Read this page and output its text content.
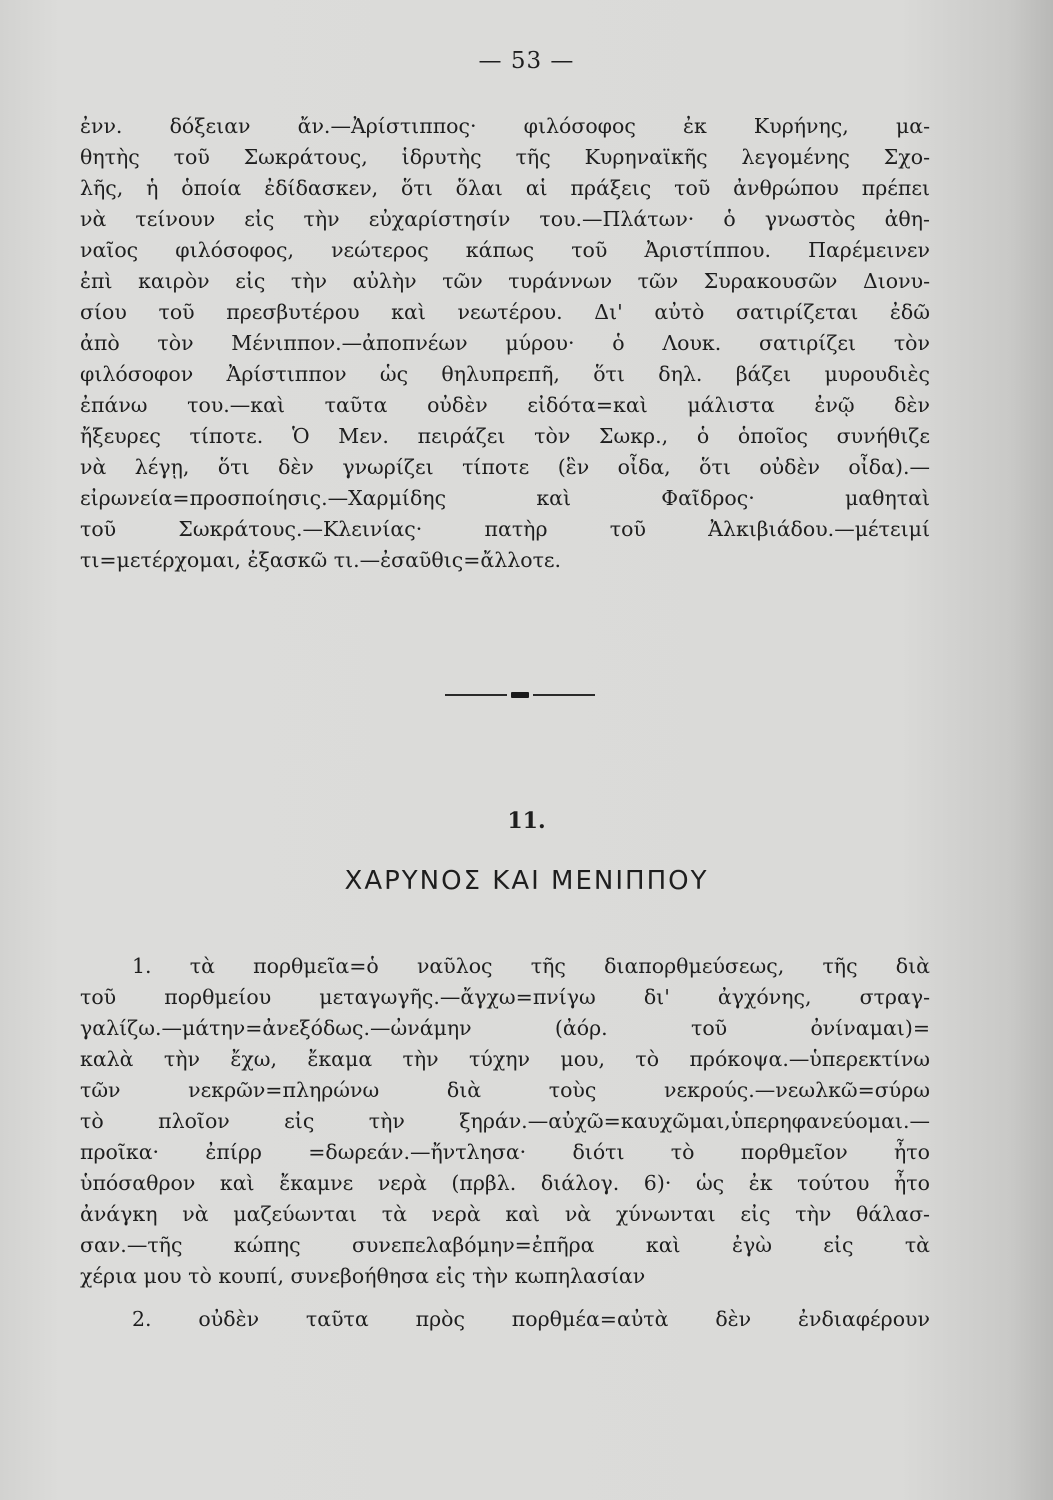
— 53 —
ἐνν. δόξειαν ἄν.—Ἀρίστιππος· φιλόσοφος ἐκ Κυρήνης, μα-
θητὴς τοῦ Σωκράτους, ἱδρυτὴς τῆς Κυρηναϊκῆς λεγομένης Σχο-
λῆς, ἡ ὁποία ἐδίδασκεν, ὅτι ὅλαι αἱ πράξεις τοῦ ἀνθρώπου πρέπει
νὰ τείνουν εἰς τὴν εὐχαρίστησίν του.—Πλάτων· ὁ γνωστὸς ἀθη-
ναῖος φιλόσοφος, νεώτερος κάπως τοῦ Ἀριστίππου. Παρέμεινεν
ἐπὶ καιρὸν εἰς τὴν αὐλὴν τῶν τυράννων τῶν Συρακουσῶν Διονυ-
σίου τοῦ πρεσβυτέρου καὶ νεωτέρου. Δι' αὐτὸ σατιρίζεται ἐδῶ
ἀπὸ τὸν Μένιππον.—ἀποπνέων μύρου· ὁ Λουκ. σατιρίζει τὸν
φιλόσοφον Ἀρίστιππον ὡς θηλυπρεπῆ, ὅτι δηλ. βάζει μυρουδιὲς
ἐπάνω του.—καὶ ταῦτα οὐδὲν εἰδότα=καὶ μάλιστα ἐνῷ δὲν
ἤξευρες τίποτε. Ὁ Μεν. πειράζει τὸν Σωκρ., ὁ ὁποῖος συνήθιζε
νὰ λέγῃ, ὅτι δὲν γνωρίζει τίποτε (ἓν οἶδα, ὅτι οὐδὲν οἶδα).—
εἰρωνεία=προσποίησις.—Χαρμίδης καὶ Φαῖδρος· μαθηταὶ
τοῦ Σωκράτους.—Κλεινίας· πατὴρ τοῦ Ἀλκιβιάδου.—μέτειμί
τι=μετέρχομαι, ἐξασκῶ τι.—ἐσαῦθις=ἄλλοτε.
11.
ΧΑΡΥΝΟΣ ΚΑΙ ΜΕΝΙΠΠΟΥ
1. τὰ πορθμεῖα=ὁ ναῦλος τῆς διαπορθμεύσεως, τῆς διὰ
τοῦ πορθμείου μεταγωγῆς.—ἄγχω=πνίγω δι' ἀγχόνης, στραγ-
γαλίζω.—μάτην=ἀνεξόδως.—ὠνάμην (ἀόρ. τοῦ ὀνίναμαι)=
καλὰ τὴν ἔχω, ἔκαμα τὴν τύχην μου, τὸ πρόκοψα.—ὑπερεκτίνω
τῶν νεκρῶν=πληρώνω διὰ τοὺς νεκρούς.—νεωλκῶ=σύρω
τὸ πλοῖον εἰς τὴν ξηράν.—αὐχῶ=καυχῶμαι,ὑπερηφανεύομαι.—
προῖκα· ἐπίρρ =δωρεάν.—ἤντλησα· διότι τὸ πορθμεῖον ἦτο
ὑπόσαθρον καὶ ἔκαμνε νερὰ (πρβλ. διάλογ. 6)· ὡς ἐκ τούτου ἦτο
ἀνάγκη νὰ μαζεύωνται τὰ νερὰ καὶ νὰ χύνωνται εἰς τὴν θάλασ-
σαν.—τῆς κώπης συνεπελαβόμην=ἐπῆρα καὶ ἐγὼ εἰς τὰ
χέρια μου τὸ κουπί, συνεβοήθησα εἰς τὴν κωπηλασίαν
2. οὐδὲν ταῦτα πρὸς πορθμέα=αὐτὰ δὲν ἐνδιαφέρουν
